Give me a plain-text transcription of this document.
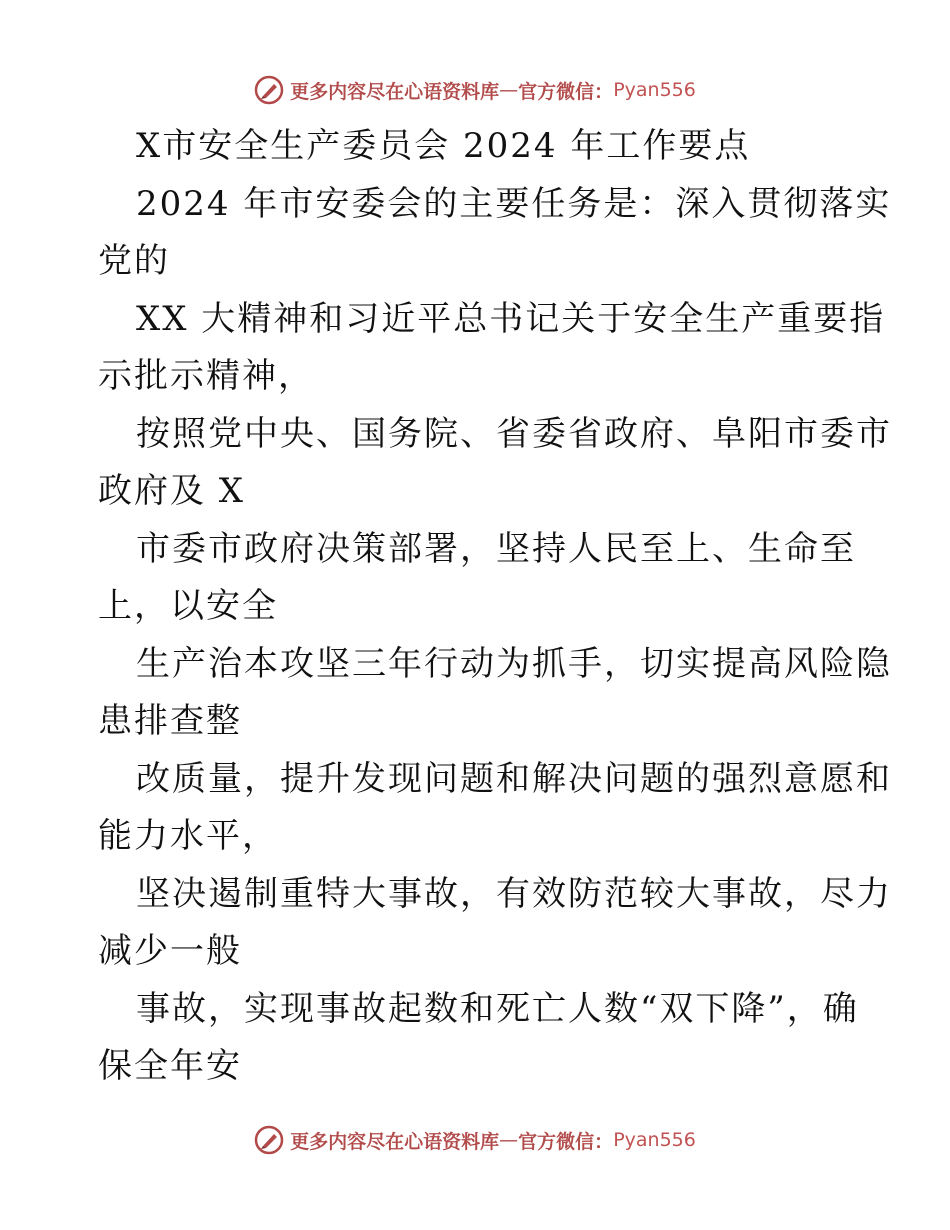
更多内容尽在心语资料库 — 官方微信： Pyan556
X市安全生产委员会 2024 年工作要点
2024 年市安委会的主要任务是：深入贯彻落实
党的
XX 大精神和习近平总书记关于安全生产重要指
示批示精神，
按照党中央、国务院、省委省政府、阜阳市委市
政府及 X
市委市政府决策部署，坚持人民至上、生命至
上，以安全
生产治本攻坚三年行动为抓手，切实提高风险隐
患排查整
改质量，提升发现问题和解决问题的强烈意愿和
能力水平，
坚决遏制重特大事故，有效防范较大事故，尽力
减少一般
事故，实现事故起数和死亡人数“双下降”，确
保全年安
更多内容尽在心语资料库 — 官方微信： Pyan556
